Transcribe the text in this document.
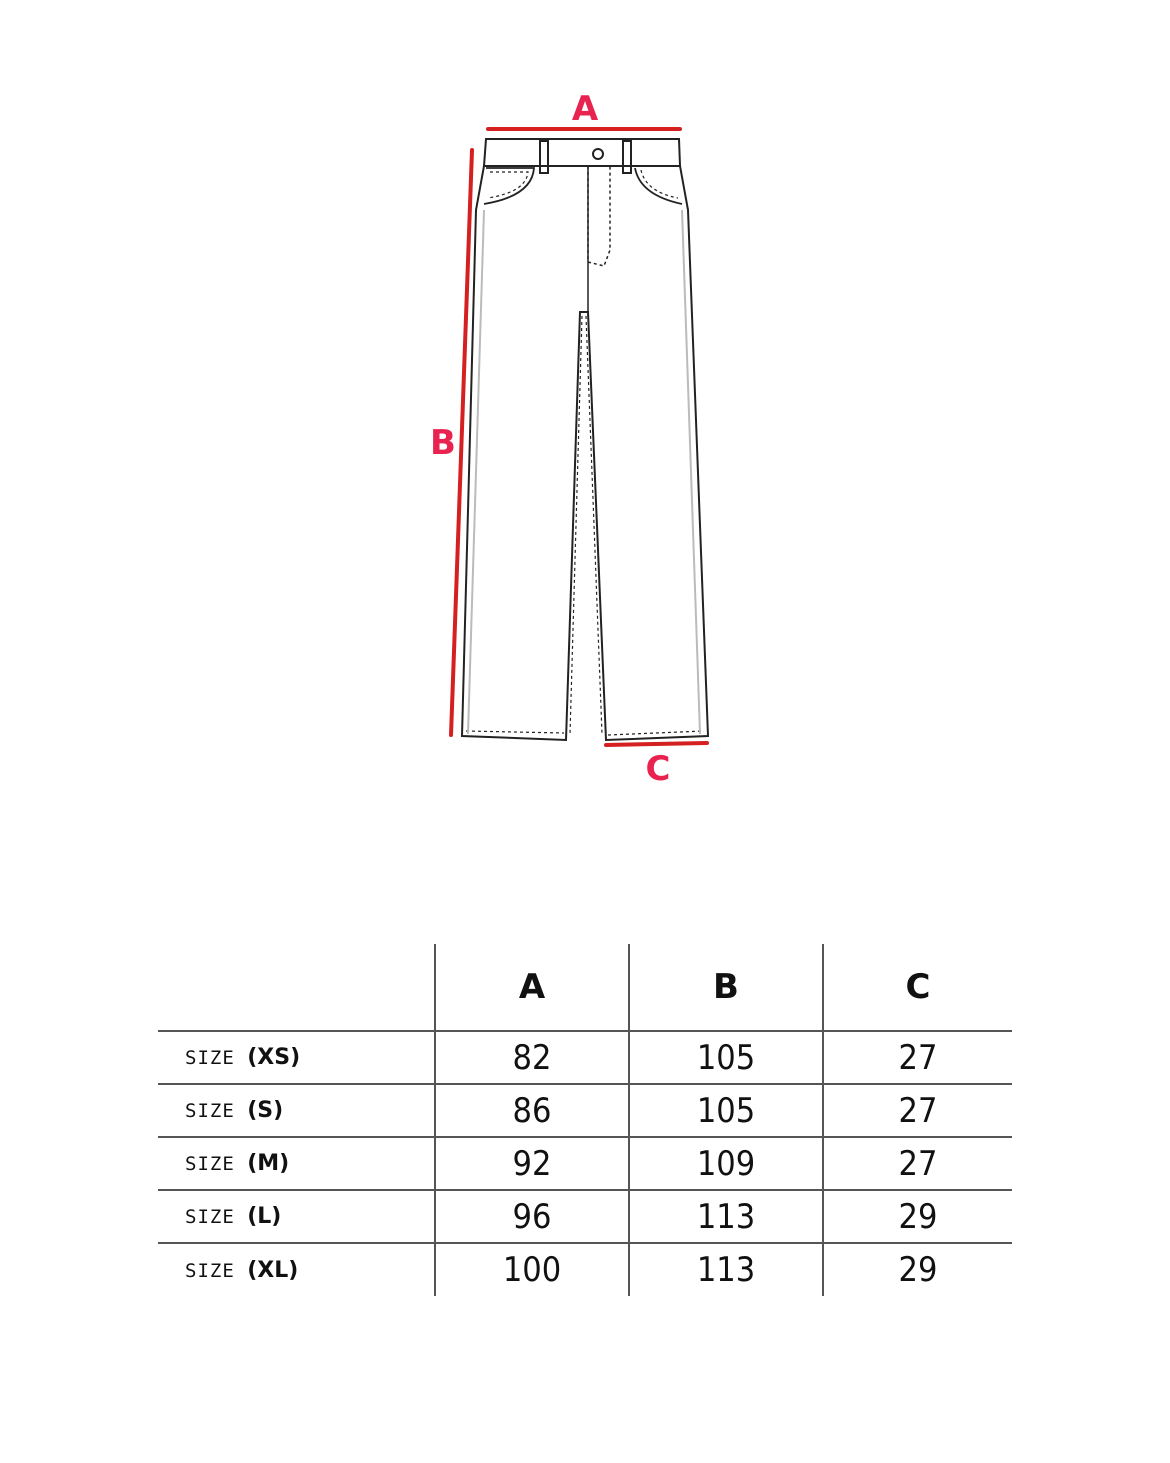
A
B
C
	A	B	C
SIZE (XS)	82	105	27
SIZE (S)	86	105	27
SIZE (M)	92	109	27
SIZE (L)	96	113	29
SIZE (XL)	100	113	29
